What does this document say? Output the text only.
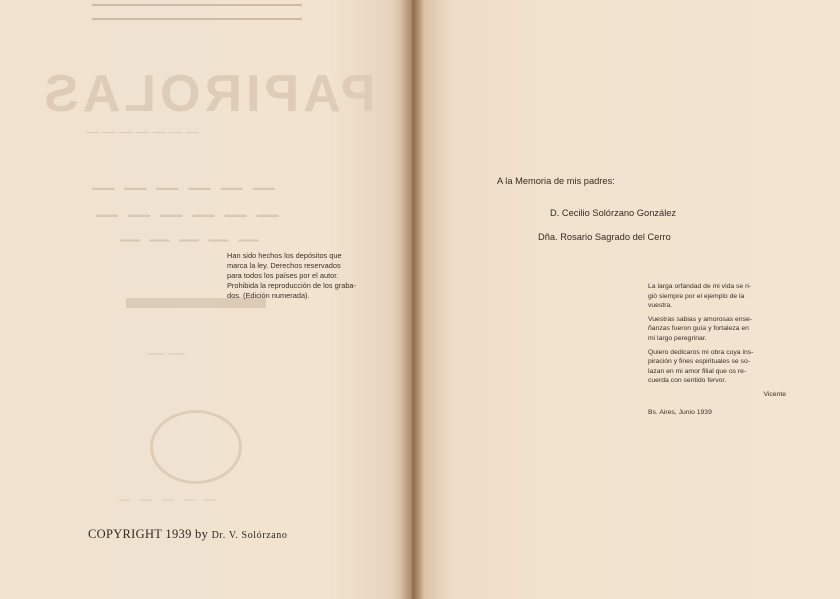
PAPIROLAS
— — — — — — —
— — — — — —
— — — — — —
— — — — —
— —
— — — — —
Han sido hechos los depósitos que
marca la ley. Derechos reservados
para todos los países por el autor.
Prohibida la reproducción de los graba-
dos. (Edición numerada).
COPYRIGHT 1939 by Dr. V. Solórzano
A la Memoria de mis padres:
D. Cecilio Solórzano González
Dña. Rosario Sagrado del Cerro
La larga orfandad de mi vida se ri-
gió siempre por el ejemplo de la
vuestra.
Vuestras sabias y amorosas ense-
ñanzas fueron guía y fortaleza en
mi largo peregrinar.
Quiero dedicaros mi obra cuya ins-
piración y fines espirituales se so-
lazan en mi amor filial que os re-
cuerda con sentido fervor.
Vicente
Bs. Aires, Junio 1939
